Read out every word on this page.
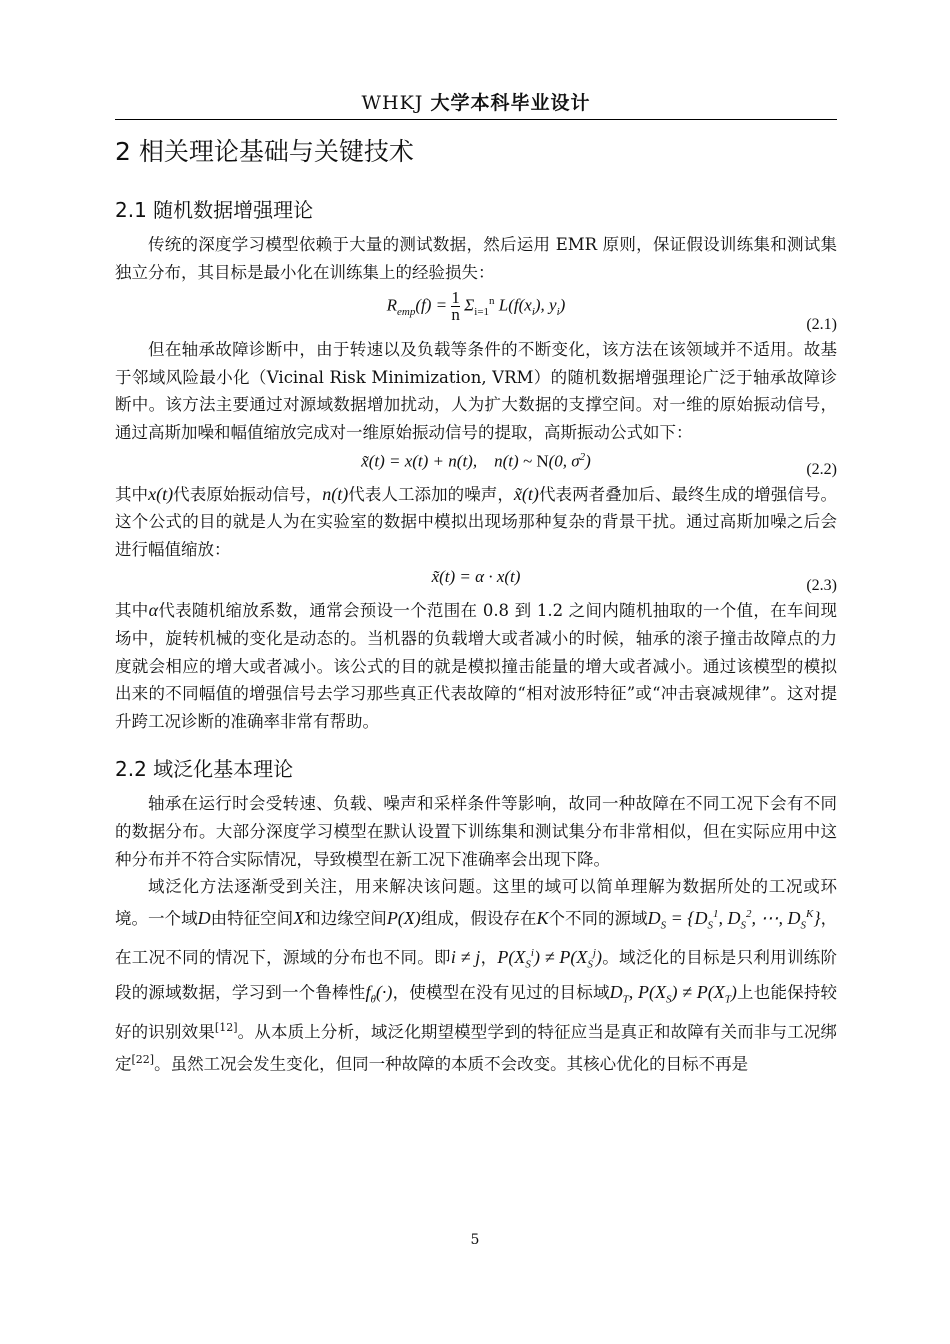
WHKJ 大学本科毕业设计
2 相关理论基础与关键技术
2.1 随机数据增强理论

传统的深度学习模型依赖于大量的测试数据，然后运用 EMR 原则，保证假设训练集和测试集独立分布，其目标是最小化在训练集上的经验损失：

$R_{emp}(f) = \frac{1}{n} \Sigma_{i=1}^n$ $L(f(x_i)$, $y_i$)
(2.1)

但在轴承故障诊断中，由于转速以及负载等条件的不断变化，该方法在该领域并不适用。故基于邻域风险最小化（Vicinal Risk Minimization, VRM）的随机数据增强理论广泛于轴承故障诊断中。该方法主要通过对源域数据增加扰动，人为扩大数据的支撑空间。对一维的原始振动信号，通过高斯加噪和幅值缩放完成对一维原始振动信号的提取，高斯振动公式如下：

x̃(t) = x(t) + n(t),    n(t) ~ N(0, $\sigma^2$)	(2.2)

其中x(t)代表原始振动信号，n(t)代表人工添加的噪声，x̃(t)代表两者叠加后、最终生成的增强信号。这个公式的目的就是人为在实验室的数据中模拟出现场那种复杂的背景干扰。通过高斯加噪之后会进行幅值缩放：

x̃(t) = α · x(t)	(2.3)

其中α代表随机缩放系数，通常会预设一个范围在 0.8 到 1.2 之间内随机抽取的一个值，在车间现场中，旋转机械的变化是动态的。当机器的负载增大或者减小的时候，轴承的滚子撞击故障点的力度就会相应的增大或者减小。该公式的目的就是模拟撞击能量的增大或者减小。通过该模型的模拟出来的不同幅值的增强信号去学习那些真正代表故障的“相对波形特征”或“冲击衰减规律”。这对提升跨工况诊断的准确率非常有帮助。

2.2 域泛化基本理论

轴承在运行时会受转速、负载、噪声和采样条件等影响，故同一种故障在不同工况下会有不同的数据分布。大部分深度学习模型在默认设置下训练集和测试集分布非常相似，但在实际应用中这种分布并不符合实际情况，导致模型在新工况下准确率会出现下降。

域泛化方法逐渐受到关注，用来解决该问题。这里的域可以简单理解为数据所处的工况或环境。一个域D由特征空间X和边缘空间P(X)组成，假设存在K个不同的源域$D_S = \{D_S^1$, $D_S^2$, ⋯, $D_S^K$}，在工况不同的情况下，源域的分布也不同。即i ≠ j，$P(X_S^i) \ne P(X_S^j)$。域泛化的目标是只利用训练阶段的源域数据，学习到一个鲁棒性$f_\theta(\cdot)$，使模型在没有见过的目标域$D_T$, $P(X_S) \ne P(X_T)$上也能保持较好的识别效果[12]。从本质上分析，域泛化期望模型学到的特征应当是真正和故障有关而非与工况绑定[22]。虽然工况会发生变化，但同一种故障的本质不会改变。其核心优化的目标不再是

5
